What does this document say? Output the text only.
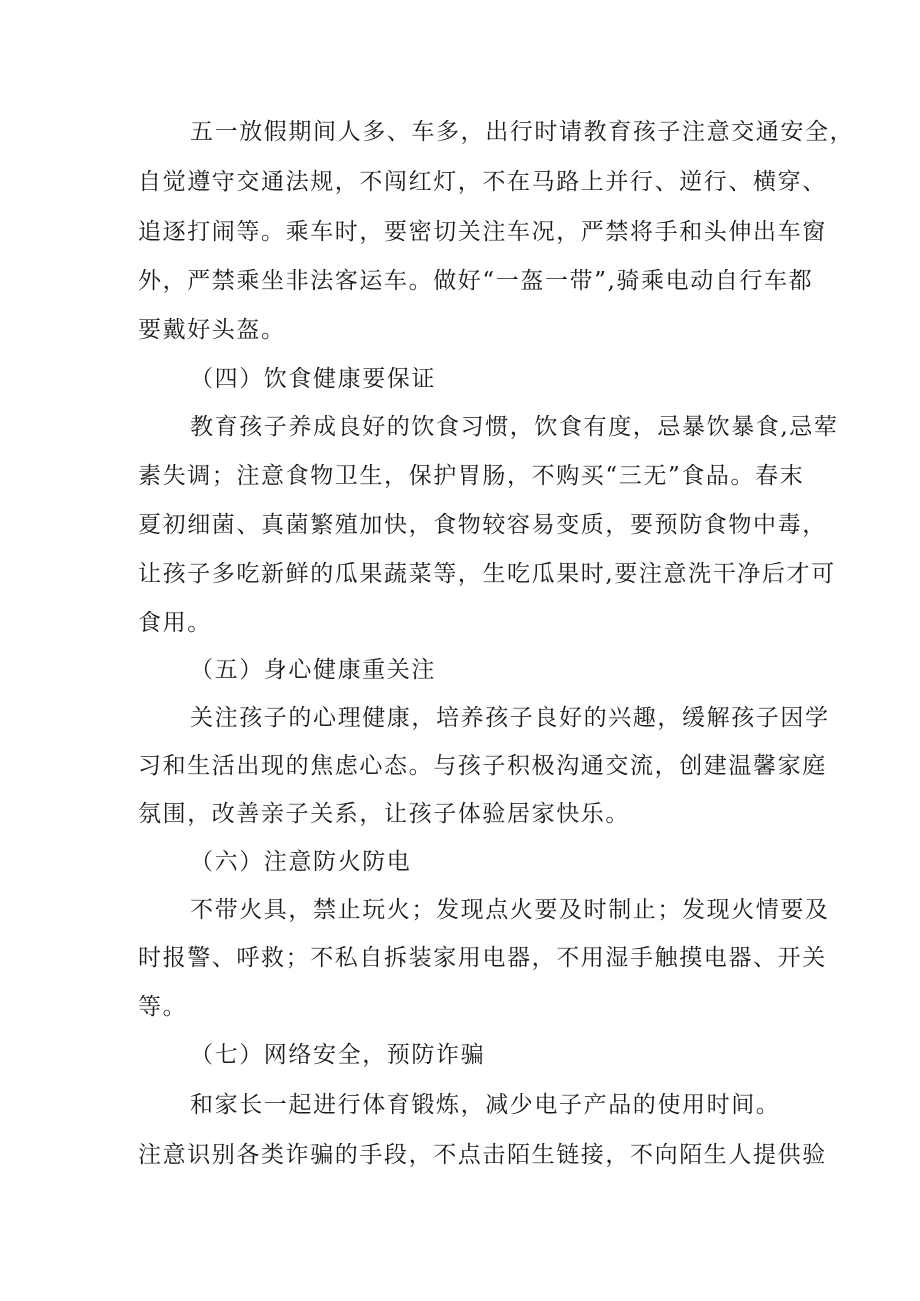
五一放假期间人多、车多，出行时请教育孩子注意交通安全，
自觉遵守交通法规，不闯红灯，不在马路上并行、逆行、横穿、
追逐打闹等。乘车时，要密切关注车况，严禁将手和头伸出车窗
外，严禁乘坐非法客运车。做好“一盔一带”,骑乘电动自行车都
要戴好头盔。
（四）饮食健康要保证
教育孩子养成良好的饮食习惯，饮食有度，忌暴饮暴食,忌荤
素失调；注意食物卫生，保护胃肠，不购买“三无”食品。春末
夏初细菌、真菌繁殖加快，食物较容易变质，要预防食物中毒，
让孩子多吃新鲜的瓜果蔬菜等，生吃瓜果时,要注意洗干净后才可
食用。
（五）身心健康重关注
关注孩子的心理健康，培养孩子良好的兴趣，缓解孩子因学
习和生活出现的焦虑心态。与孩子积极沟通交流，创建温馨家庭
氛围，改善亲子关系，让孩子体验居家快乐。
（六）注意防火防电
不带火具，禁止玩火；发现点火要及时制止；发现火情要及
时报警、呼救；不私自拆装家用电器，不用湿手触摸电器、开关
等。
（七）网络安全，预防诈骗
和家长一起进行体育锻炼，减少电子产品的使用时间。
注意识别各类诈骗的手段，不点击陌生链接，不向陌生人提供验
